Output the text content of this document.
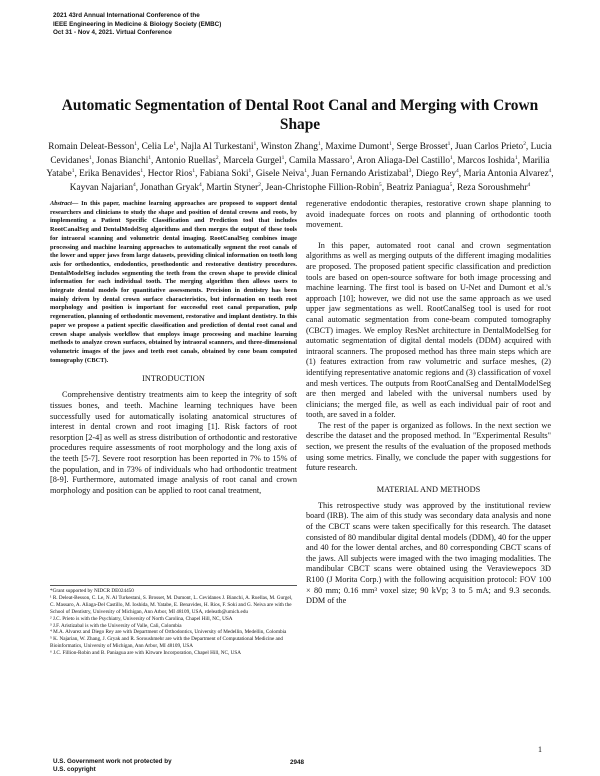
2021 43rd Annual International Conference of the
IEEE Engineering in Medicine & Biology Society (EMBC)
Oct 31 - Nov 4, 2021. Virtual Conference
Automatic Segmentation of Dental Root Canal and Merging with Crown Shape
Romain Deleat-Besson$^1$, Celia Le$^1$, Najla Al Turkestani$^1$, Winston Zhang$^1$, Maxime Dumont$^1$, Serge Brosset$^1$, Juan Carlos Prieto$^2$, Lucia Cevidanes$^1$, Jonas Bianchi$^1$, Antonio Ruellas$^2$, Marcela Gurgel$^1$, Camila Massaro$^1$, Aron Aliaga-Del Castillo$^1$, Marcos Ioshida$^1$, Marilia Yatabe$^1$, Erika Benavides$^1$, Hector Rios$^1$, Fabiana Soki$^1$, Gisele Neiva$^1$, Juan Fernando Aristizabal$^3$, Diego Rey$^4$, Maria Antonia Alvarez$^4$, Kayvan Najarian$^4$, Jonathan Gryak$^4$, Martin Styner$^2$, Jean-Christophe Fillion-Robin$^5$, Beatriz Paniagua$^5$, Reza Soroushmehr$^4$

Abstract— In this paper, machine learning approaches are proposed to support dental researchers and clinicians to study the shape and position of dental crowns and roots, by implementing a Patient Specific Classification and Prediction tool that includes RootCanalSeg and DentalModelSeg algorithms and then merges the output of these tools for intraoral scanning and volumetric dental imaging. RootCanalSeg combines image processing and machine learning approaches to automatically segment the root canals of the lower and upper jaws from large datasets, providing clinical information on tooth long axis for orthodontics, endodontics, prosthodontic and restorative dentistry procedures. DentalModelSeg includes segmenting the teeth from the crown shape to provide clinical information for each individual tooth. The merging algorithm then allows users to integrate dental models for quantitative assessments. Precision in dentistry has been mainly driven by dental crown surface characteristics, but information on tooth root morphology and position is important for successful root canal preparation, pulp regeneration, planning of orthodontic movement, restorative and implant dentistry. In this paper we propose a patient specific classification and prediction of dental root canal and crown shape analysis workflow that employs image processing and machine learning methods to analyze crown surfaces, obtained by intraoral scanners, and three-dimensional volumetric images of the jaws and teeth root canals, obtained by cone beam computed tomography (CBCT).

INTRODUCTION

Comprehensive dentistry treatments aim to keep the integrity of soft tissues bones, and teeth. Machine learning techniques have been successfully used for automatically isolating anatomical structures of interest in dental crown and root imaging [1]. Risk factors of root resorption [2-4] as well as stress distribution of orthodontic and restorative procedures require assessments of root morphology and the long axis of the teeth [5-7]. Severe root resorption has been reported in 7% to 15% of the population, and in 73% of individuals who had orthodontic treatment [8-9]. Furthermore, automated image analysis of root canal and crown morphology and position can be applied to root canal treatment,

*Grant supported by NIDCR DE024450

¹ R. Deleat-Besson, C. Le, N. Al Turkestani, S. Brosset, M. Dumont, L. Cevidanes J. Bianchi, A. Ruellas, M. Gurgel, C. Massaro, A. Aliaga-Del Castillo, M. Ioshida, M. Yatabe, E. Benavides, H. Rios, F. Soki and G. Neiva are with the School of Dentistry, University of Michigan, Ann Arbor, MI 48109, USA, rdeleatb@umich.edu

² J.C. Prieto is with the Psychiatry, University of North Carolina, Chapel Hill, NC, USA

³ J.F. Aristizabal is with the University of Valle, Cali, Colombia

⁴ M.A. Alvarez and Diego Rey are with Department of Orthodontics, University of Medellin, Medellin, Colombia

⁵ K. Najarian, W. Zhang, J. Gryak and R. Soroushmehr are with the Department of Computational Medicine and Bioinformatics, University of Michigan, Ann Arbor, MI 48109, USA

⁶ J.C. Fillion-Robin and B. Paniagua are with Kitware Incorporation, Chapel Hill, NC, USA

regenerative endodontic therapies, restorative crown shape planning to avoid inadequate forces on roots and planning of orthodontic tooth movement.

In this paper, automated root canal and crown segmentation algorithms as well as merging outputs of the different imaging modalities are proposed. The proposed patient specific classification and prediction tools are based on open-source software for both image processing and machine learning. The first tool is based on U-Net and Dumont et al.'s approach [10]; however, we did not use the same approach as we used upper jaw segmentations as well. RootCanalSeg tool is used for root canal automatic segmentation from cone-beam computed tomography (CBCT) images. We employ ResNet architecture in DentalModelSeg for automatic segmentation of digital dental models (DDM) acquired with intraoral scanners. The proposed method has three main steps which are (1) features extraction from raw volumetric and surface meshes, (2) identifying representative anatomic regions and (3) classification of voxel and mesh vertices. The outputs from RootCanalSeg and DentalModelSeg are then merged and labeled with the universal numbers used by clinicians; the merged file, as well as each individual pair of root and tooth, are saved in a folder.

The rest of the paper is organized as follows. In the next section we describe the dataset and the proposed method. In "Experimental Results" section, we present the results of the evaluation of the proposed methods using some metrics. Finally, we conclude the paper with suggestions for future research.

MATERIAL AND METHODS

This retrospective study was approved by the institutional review board (IRB). The aim of this study was secondary data analysis and none of the CBCT scans were taken specifically for this research. The dataset consisted of 80 mandibular digital dental models (DDM), 40 for the upper and 40 for the lower dental arches, and 80 corresponding CBCT scans of the jaws. All subjects were imaged with the two imaging modalities. The mandibular CBCT scans were obtained using the Veraviewepocs 3D R100 (J Morita Corp.) with the following acquisition protocol: FOV 100 × 80 mm; 0.16 mm³ voxel size; 90 kVp; 3 to 5 mA; and 9.3 seconds. DDM of the

U.S. Government work not protected by
U.S. copyright
2948
1
